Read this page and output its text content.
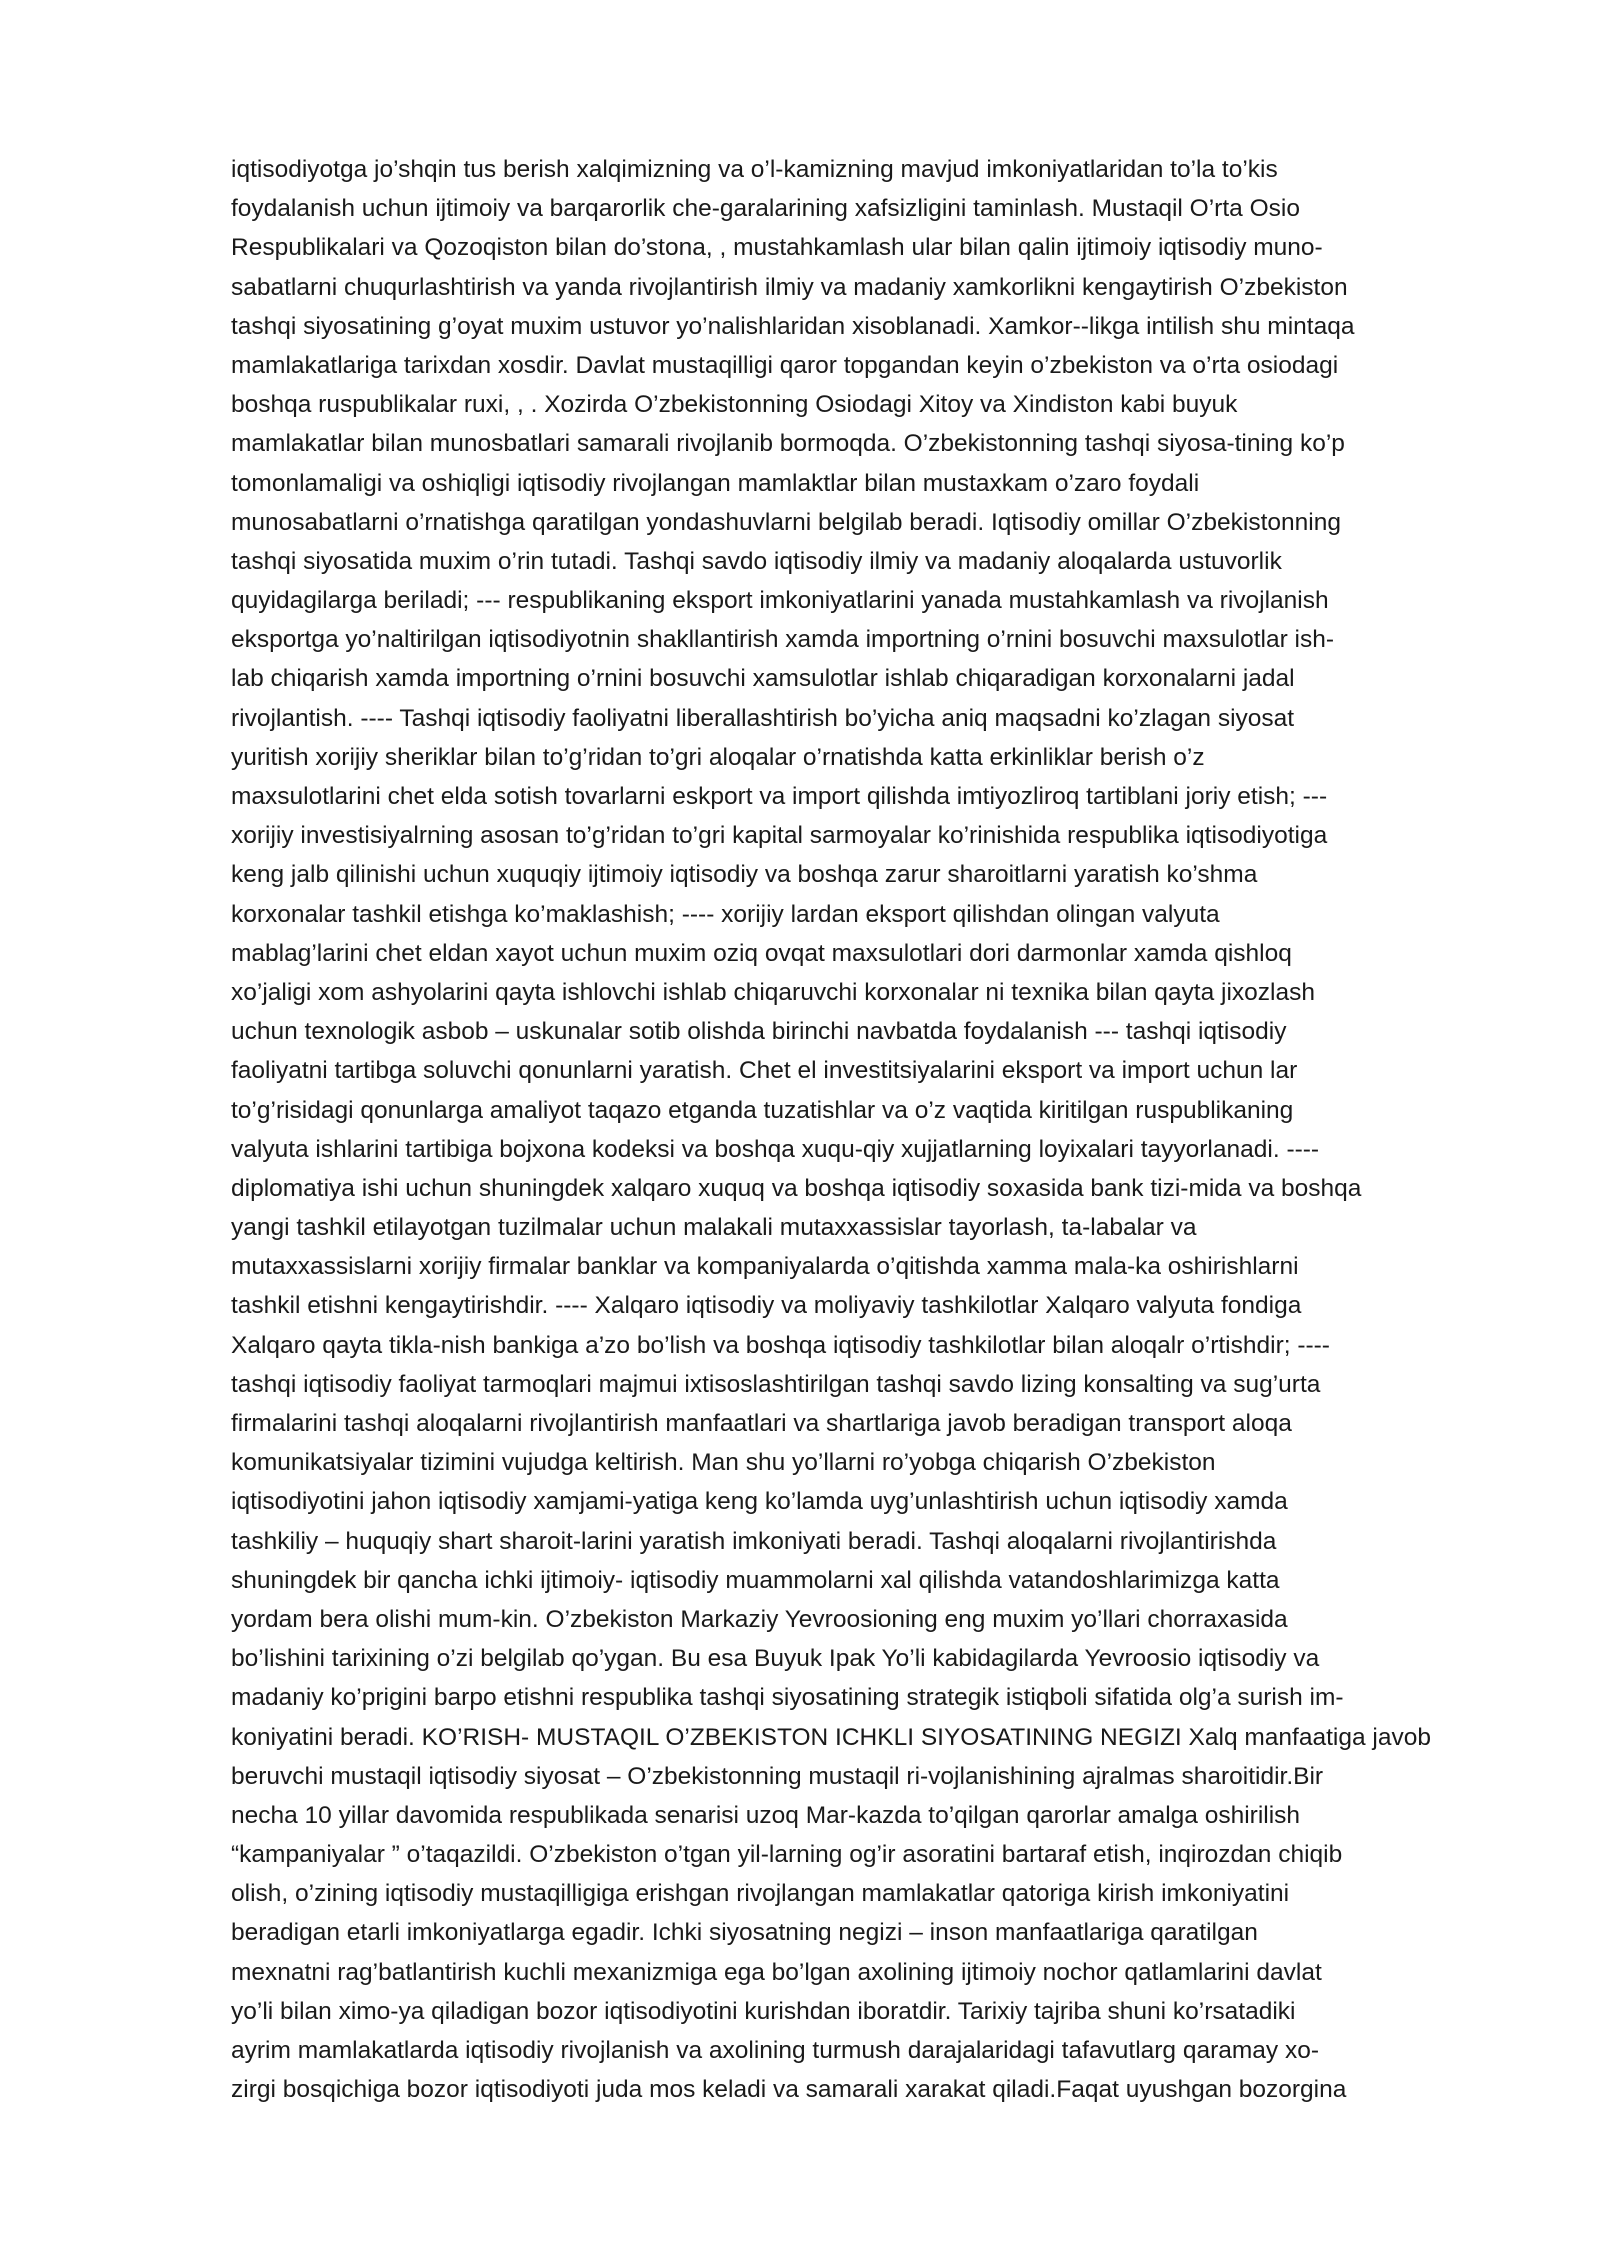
iqtisodiyotga jo’shqin tus berish xalqimizning va o’l-kamizning mavjud imkoniyatlaridan to’la to’kis
foydalanish uchun ijtimoiy va barqarorlik che-garalarining xafsizligini taminlash. Mustaqil O’rta Osio
Respublikalari va Qozoqiston bilan do’stona, , mustahkamlash ular bilan qalin ijtimoiy iqtisodiy muno-
sabatlarni chuqurlashtirish va yanda rivojlantirish ilmiy va madaniy xamkorlikni kengaytirish O’zbekiston
tashqi siyosatining g’oyat muxim ustuvor yo’nalishlaridan xisoblanadi. Xamkor--likga intilish shu mintaqa
mamlakatlariga tarixdan xosdir. Davlat mustaqilligi qaror topgandan keyin o’zbekiston va o’rta osiodagi
boshqa ruspublikalar ruxi, , . Xozirda O’zbekistonning Osiodagi Xitoy va Xindiston kabi buyuk
mamlakatlar bilan munosbatlari samarali rivojlanib bormoqda. O’zbekistonning tashqi siyosa-tining ko’p
tomonlamaligi va oshiqligi iqtisodiy rivojlangan mamlaktlar bilan mustaxkam o’zaro foydali
munosabatlarni o’rnatishga qaratilgan yondashuvlarni belgilab beradi. Iqtisodiy omillar O’zbekistonning
tashqi siyosatida muxim o’rin tutadi. Tashqi savdo iqtisodiy ilmiy va madaniy aloqalarda ustuvorlik
quyidagilarga beriladi; --- respublikaning eksport imkoniyatlarini yanada mustahkamlash va rivojlanish
eksportga yo’naltirilgan iqtisodiyotnin shakllantirish xamda importning o’rnini bosuvchi maxsulotlar ish-
lab chiqarish xamda importning o’rnini bosuvchi xamsulotlar ishlab chiqaradigan korxonalarni jadal
rivojlantish. ---- Tashqi iqtisodiy faoliyatni liberallashtirish bo’yicha aniq maqsadni ko’zlagan siyosat
yuritish xorijiy sheriklar bilan to’g’ridan to’gri aloqalar o’rnatishda katta erkinliklar berish o’z
maxsulotlarini chet elda sotish tovarlarni eskport va import qilishda imtiyozliroq tartiblani joriy etish; ---
xorijiy investisiyalrning asosan to’g’ridan to’gri kapital sarmoyalar ko’rinishida respublika iqtisodiyotiga
keng jalb qilinishi uchun xuquqiy ijtimoiy iqtisodiy va boshqa zarur sharoitlarni yaratish ko’shma
korxonalar tashkil etishga ko’maklashish; ---- xorijiy lardan eksport qilishdan olingan valyuta
mablag’larini chet eldan xayot uchun muxim oziq ovqat maxsulotlari dori darmonlar xamda qishloq
xo’jaligi xom ashyolarini qayta ishlovchi ishlab chiqaruvchi korxonalar ni texnika bilan qayta jixozlash
uchun texnologik asbob – uskunalar sotib olishda birinchi navbatda foydalanish --- tashqi iqtisodiy
faoliyatni tartibga soluvchi qonunlarni yaratish. Chet el investitsiyalarini eksport va import uchun lar
to’g’risidagi qonunlarga amaliyot taqazo etganda tuzatishlar va o’z vaqtida kiritilgan ruspublikaning
valyuta ishlarini tartibiga bojxona kodeksi va boshqa xuqu-qiy xujjatlarning loyixalari tayyorlanadi. ----
diplomatiya ishi uchun shuningdek xalqaro xuquq va boshqa iqtisodiy soxasida bank tizi-mida va boshqa
yangi tashkil etilayotgan tuzilmalar uchun malakali mutaxxassislar tayorlash, ta-labalar va
mutaxxassislarni xorijiy firmalar banklar va kompaniyalarda o’qitishda xamma mala-ka oshirishlarni
tashkil etishni kengaytirishdir. ---- Xalqaro iqtisodiy va moliyaviy tashkilotlar Xalqaro valyuta fondiga
Xalqaro qayta tikla-nish bankiga a’zo bo’lish va boshqa iqtisodiy tashkilotlar bilan aloqalr o’rtishdir; ----
tashqi iqtisodiy faoliyat tarmoqlari majmui ixtisoslashtirilgan tashqi savdo lizing konsalting va sug’urta
firmalarini tashqi aloqalarni rivojlantirish manfaatlari va shartlariga javob beradigan transport aloqa
komunikatsiyalar tizimini vujudga keltirish. Man shu yo’llarni ro’yobga chiqarish O’zbekiston
iqtisodiyotini jahon iqtisodiy xamjami-yatiga keng ko’lamda uyg’unlashtirish uchun iqtisodiy xamda
tashkiliy – huquqiy shart sharoit-larini yaratish imkoniyati beradi. Tashqi aloqalarni rivojlantirishda
shuningdek bir qancha ichki ijtimoiy- iqtisodiy muammolarni xal qilishda vatandoshlarimizga katta
yordam bera olishi mum-kin. O’zbekiston Markaziy Yevroosioning eng muxim yo’llari chorraxasida
bo’lishini tarixining o’zi belgilab qo’ygan. Bu esa Buyuk Ipak Yo’li kabidagilarda Yevroosio iqtisodiy va
madaniy ko’prigini barpo etishni respublika tashqi siyosatining strategik istiqboli sifatida olg’a surish im-
koniyatini beradi. KO’RISH- MUSTAQIL O’ZBEKISTON ICHKLI SIYOSATINING NEGIZI Xalq manfaatiga javob
beruvchi mustaqil iqtisodiy siyosat – O’zbekistonning mustaqil ri-vojlanishining ajralmas sharoitidir.Bir
necha 10 yillar davomida respublikada senarisi uzoq Mar-kazda to’qilgan qarorlar amalga oshirilish
“kampaniyalar ” o’taqazildi. O’zbekiston o’tgan yil-larning og’ir asoratini bartaraf etish, inqirozdan chiqib
olish, o’zining iqtisodiy mustaqilligiga erishgan rivojlangan mamlakatlar qatoriga kirish imkoniyatini
beradigan etarli imkoniyatlarga egadir. Ichki siyosatning negizi – inson manfaatlariga qaratilgan
mexnatni rag’batlantirish kuchli mexanizmiga ega bo’lgan axolining ijtimoiy nochor qatlamlarini davlat
yo’li bilan ximo-ya qiladigan bozor iqtisodiyotini kurishdan iboratdir. Tarixiy tajriba shuni ko’rsatadiki
ayrim mamlakatlarda iqtisodiy rivojlanish va axolining turmush darajalaridagi tafavutlarg qaramay xo-
zirgi bosqichiga bozor iqtisodiyoti juda mos keladi va samarali xarakat qiladi.Faqat uyushgan bozorgina
